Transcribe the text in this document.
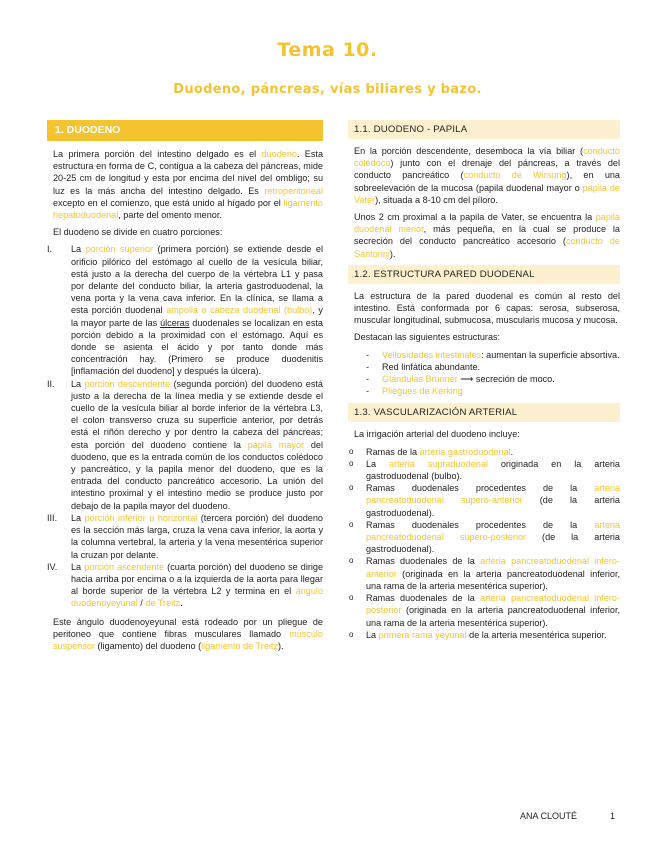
Tema 10.
Duodeno, páncreas, vías biliares y bazo.
1. DUODENO

La primera porción del intestino delgado es el duodeno. Esta estructura en forma de C, contigua a la cabeza del páncreas, mide 20-25 cm de longitud y esta por encima del nivel del ombligo; su luz es la más ancha del intestino delgado. Es retroperitoneal excepto en el comienzo, que está unido al hígado por el ligamento hepatoduodenal, parte del omento menor.

El duodeno se divide en cuatro porciones:

I. La porción superior (primera porción) se extiende desde el orificio pilórico del estómago al cuello de la vesícula biliar, está justo a la derecha del cuerpo de la vértebra L1 y pasa por delante del conducto biliar, la arteria gastroduodenal, la vena porta y la vena cava inferior. En la clínica, se llama a esta porción duodenal ampolla o cabeza duodenal (bulbo), y la mayor parte de las úlceras duodenales se localizan en esta porción debido a la proximidad con el estómago. Aquí es donde se asienta el ácido y por tanto donde más concentración hay. (Primero se produce duodenitis [inflamación del duodeno] y después la úlcera).
II. La porción descendente (segunda porción) del duodeno está justo a la derecha de la línea media y se extiende desde el cuello de la vesícula biliar al borde inferior de la vértebra L3, el colon transverso cruza su superficie anterior, por detrás está el riñón derecho y por dentro la cabeza del páncreas; esta porción del duodeno contiene la papila mayor del duodeno, que es la entrada común de los conductos colédoco y pancreático, y la papila menor del duodeno, que es la entrada del conducto pancreático accesorio. La unión del intestino proximal y el intestino medio se produce justo por debajo de la papila mayor del duodeno.
III. La porción inferior u horizontal (tercera porción) del duodeno es la sección más larga, cruza la vena cava inferior, la aorta y la columna vertebral, la arteria y la vena mesentérica superior la cruzan por delante.
IV. La porción ascendente (cuarta porción) del duodeno se dirige hacia arriba por encima o a la izquierda de la aorta para llegar al borde superior de la vértebra L2 y termina en el ángulo duodenoyeyunal / de Treitz.

Este ángulo duodenoyeyunal está rodeado por un pliegue de peritoneo que contiene fibras musculares llamado músculo suspensor (ligamento) del duodeno (ligamento de Treitz).

1.1. DUODENO - PAPILA

En la porción descendente, desemboca la vía biliar (conducto colédoco) junto con el drenaje del páncreas, a través del conducto pancreático (conducto de Wirsung), en una sobreelevación de la mucosa (papila duodenal mayor o papila de Vater), situada a 8-10 cm del píloro.

Unos 2 cm proximal a la papila de Vater, se encuentra la papila duodenal menor, más pequeña, en la cual se produce la secreción del conducto pancreático accesorio (conducto de Santorini).

1.2. ESTRUCTURA PARED DUODENAL

La estructura de la pared duodenal es común al resto del intestino. Está conformada por 6 capas: serosa, subserosa, muscular longitudinal, submucosa, muscularis mucosa y mucosa.

Destacan las siguientes estructuras:

- Vellosidades intestinales: aumentan la superficie absortiva.
- Red linfática abundante.
- Glándulas Brunner ⟶ secreción de moco.
- Pliegues de Kerking
1.3. VASCULARIZACIÓN ARTERIAL

La irrigación arterial del duodeno incluye:

o Ramas de la arteria gastroduodenal.
o La arteria supraduodenal originada en la arteria gastroduodenal (bulbo).
o Ramas duodenales procedentes de la arteria pancreatoduodenal supero-anterior (de la arteria gastroduodenal).
o Ramas duodenales procedentes de la arteria pancreatoduodenal supero-posterior (de la arteria gastroduodenal).
o Ramas duodenales de la arteria pancreatoduodenal infero-anterior (originada en la arteria pancreatoduodenal inferior, una rama de la arteria mesentérica superior).
o Ramas duodenales de la arteria pancreatoduodenal infero-posterior (originada en la arteria pancreatoduodenal inferior, una rama de la arteria mesentérica superior).
o La primera rama yeyunal de la arteria mesentérica superior.
ANA CLOUTÉ	1
